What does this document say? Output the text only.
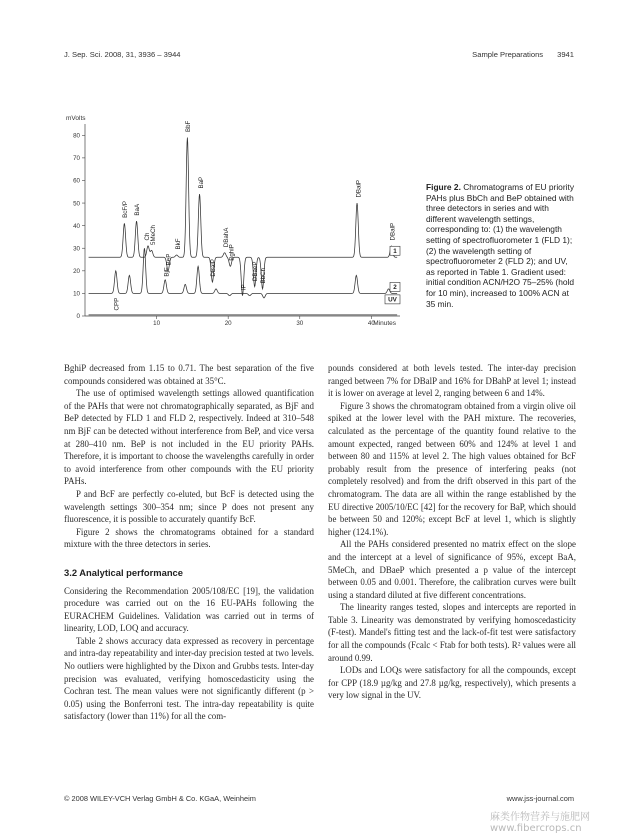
J. Sep. Sci. 2008, 31, 3936 – 3944	Sample Preparations 3941
mVolts
Minutes
0
10
20
30
40
50
60
70
80
10	20	30	40
BcF/P BaA
Ch
5MeCh
BeP
BkF
BbF
BaP
DBalP
DBahA
BghiP
IP
DBaeP BbCh
DBaiP
DBalP
CPP
BjF
1
2
UV
Figure 2. Chromatograms of EU priority PAHs plus BbCh and BeP obtained with three detectors in series and with different wavelength settings, corresponding to: (1) the wavelength setting of spectrofluorometer 1 (FLD 1); (2) the wavelength setting of spectrofluorometer 2 (FLD 2); and UV, as reported in Table 1. Gradient used: initial condition ACN/H2O 75–25% (hold for 10 min), increased to 100% ACN at 35 min.

BghiP decreased from 1.15 to 0.71. The best separation of the five compounds considered was obtained at 35°C.

The use of optimised wavelength settings allowed quantification of the PAHs that were not chromatographically separated, as BjF and BeP detected by FLD 1 and FLD 2, respectively. Indeed at 310–548 nm BjF can be detected without interference from BeP, and vice versa at 280–410 nm. BeP is not included in the EU priority PAHs. Therefore, it is important to choose the wavelengths carefully in order to avoid interference from other compounds with the EU priority PAHs.

P and BcF are perfectly co-eluted, but BcF is detected using the wavelength settings 300–354 nm; since P does not present any fluorescence, it is possible to accurately quantify BcF.

Figure 2 shows the chromatograms obtained for a standard mixture with the three detectors in series.

3.2 Analytical performance

Considering the Recommendation 2005/108/EC [19], the validation procedure was carried out on the 16 EU-PAHs following the EURACHEM Guidelines. Validation was carried out in terms of linearity, LOD, LOQ and accuracy.

Table 2 shows accuracy data expressed as recovery in percentage and intra-day repeatability and inter-day precision tested at two levels. No outliers were highlighted by the Dixon and Grubbs tests. Inter-day precision was evaluated, verifying homoscedasticity using the Cochran test. The mean values were not significantly different (p > 0.05) using the Bonferroni test. The intra-day repeatability is quite satisfactory (lower than 11%) for all the com-

pounds considered at both levels tested. The inter-day precision ranged between 7% for DBalP and 16% for DBahP at level 1; instead it is lower on average at level 2, ranging between 6 and 14%.

Figure 3 shows the chromatogram obtained from a virgin olive oil spiked at the lower level with the PAH mixture. The recoveries, calculated as the percentage of the quantity found relative to the amount expected, ranged between 60% and 124% at level 1 and between 80 and 115% at level 2. The high values obtained for BcF probably result from the presence of interfering peaks (not completely resolved) and from the drift observed in this part of the chromatogram. The data are all within the range established by the EU directive 2005/10/EC [42] for the recovery for BaP, which should be between 50 and 120%; except BcF at level 1, which is slightly higher (124.1%).

All the PAHs considered presented no matrix effect on the slope and the intercept at a level of significance of 95%, except BaA, 5MeCh, and DBaeP which presented a p value of the intercept between 0.05 and 0.001. Therefore, the calibration curves were built using a standard diluted at five different concentrations.

The linearity ranges tested, slopes and intercepts are reported in Table 3. Linearity was demonstrated by verifying homoscedasticity (F-test). Mandel's fitting test and the lack-of-fit test were satisfactory for all the compounds (Fcalc < Ftab for both tests). R² values were all around 0.99.

LODs and LOQs were satisfactory for all the compounds, except for CPP (18.9 µg/kg and 27.8 µg/kg, respectively), which presents a very low signal in the UV.

© 2008 WILEY-VCH Verlag GmbH & Co. KGaA, Weinheim	www.jss-journal.com
麻类作物营养与施肥网 www.fibercrops.cn
